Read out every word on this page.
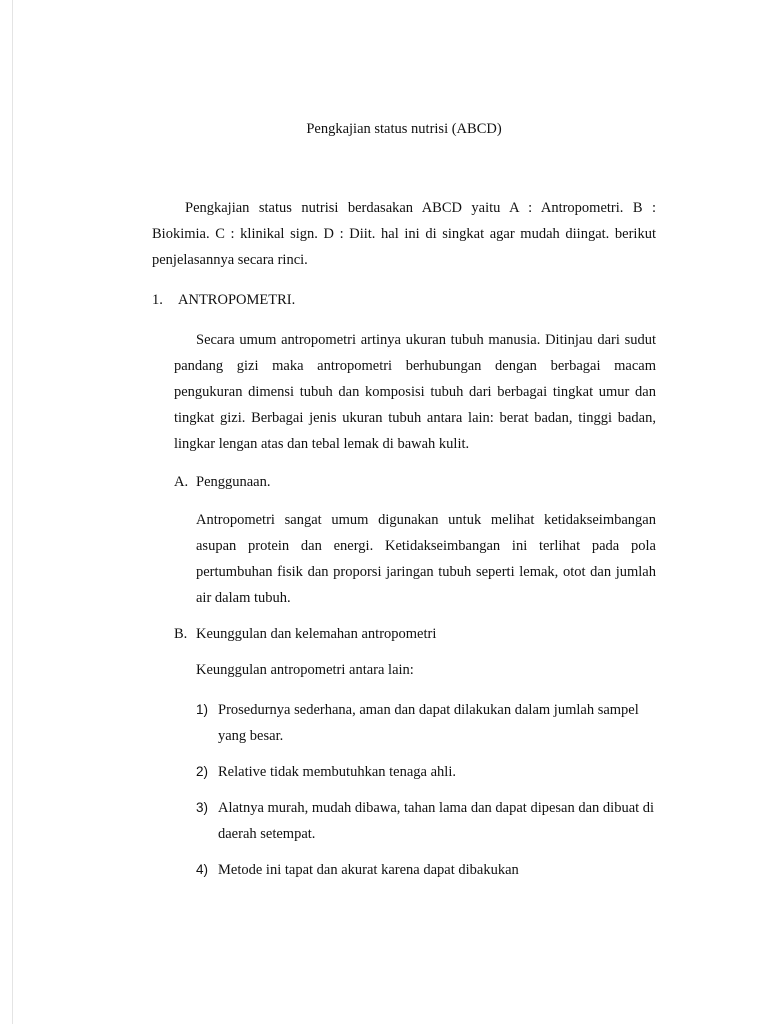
Pengkajian status nutrisi (ABCD)

Pengkajian status nutrisi berdasakan ABCD yaitu A : Antropometri. B : Biokimia. C : klinikal sign. D : Diit. hal ini di singkat agar mudah diingat. berikut penjelasannya secara rinci.

1.	ANTROPOMETRI.

Secara umum antropometri artinya ukuran tubuh manusia. Ditinjau dari sudut pandang gizi maka antropometri berhubungan dengan berbagai macam pengukuran dimensi tubuh dan komposisi tubuh dari berbagai tingkat umur dan tingkat gizi. Berbagai jenis ukuran tubuh antara lain: berat badan, tinggi badan, lingkar lengan atas dan tebal lemak di bawah kulit.

A. Penggunaan.

Antropometri sangat umum digunakan untuk melihat ketidakseimbangan asupan protein dan energi. Ketidakseimbangan ini terlihat pada pola pertumbuhan fisik dan proporsi jaringan tubuh seperti lemak, otot dan jumlah air dalam tubuh.

B. Keunggulan dan kelemahan antropometri
Keunggulan antropometri antara lain:
1) Prosedurnya sederhana, aman dan dapat dilakukan dalam jumlah sampel yang besar.
2) Relative tidak membutuhkan tenaga ahli.
3) Alatnya murah, mudah dibawa, tahan lama dan dapat dipesan dan dibuat di daerah setempat.
4) Metode ini tapat dan akurat karena dapat dibakukan
